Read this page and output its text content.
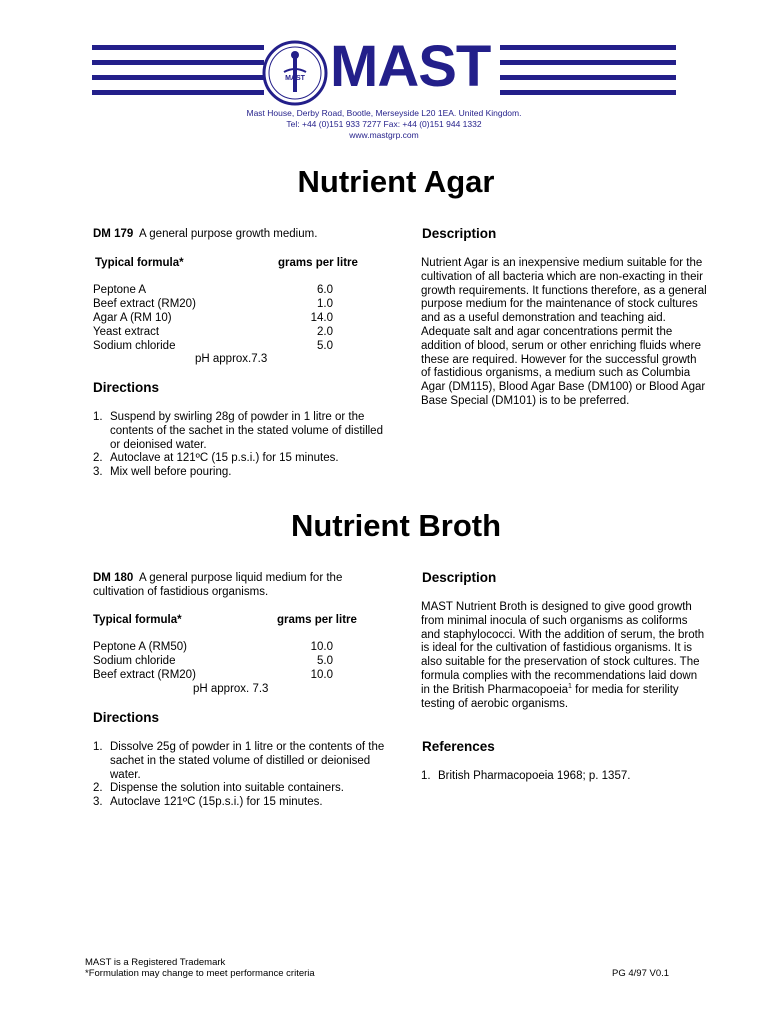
MAST MAST
Mast House, Derby Road, Bootle, Merseyside L20 1EA. United Kingdom.
Tel: +44 (0)151 933 7277 Fax: +44 (0)151 944 1332
www.mastgrp.com
Nutrient Agar
DM 179 A general purpose growth medium.
Typical formula*	grams per litre
Peptone A	6.0
Beef extract (RM20)	1.0
Agar A (RM 10)	14.0
Yeast extract	2.0
Sodium chloride	5.0
pH approx.7.3
Directions
1. Suspend by swirling 28g of powder in 1 litre or the contents of the sachet in the stated volume of distilled or deionised water.
2. Autoclave at 121ºC (15 p.s.i.) for 15 minutes.
3. Mix well before pouring.
Description
Nutrient Agar is an inexpensive medium suitable for the cultivation of all bacteria which are non-exacting in their growth requirements. It functions therefore, as a general purpose medium for the maintenance of stock cultures and as a useful demonstration and teaching aid. Adequate salt and agar concentrations permit the addition of blood, serum or other enriching fluids where these are required. However for the successful growth of fastidious organisms, a medium such as Columbia Agar (DM115), Blood Agar Base (DM100) or Blood Agar Base Special (DM101) is to be preferred.
Nutrient Broth
DM 180 A general purpose liquid medium for the cultivation of fastidious organisms.
Typical formula*	grams per litre
Peptone A (RM50)	10.0
Sodium chloride	5.0
Beef extract (RM20)	10.0
pH approx. 7.3
Directions
1. Dissolve 25g of powder in 1 litre or the contents of the sachet in the stated volume of distilled or deionised water.
2. Dispense the solution into suitable containers.
3. Autoclave 121ºC (15p.s.i.) for 15 minutes.
Description
MAST Nutrient Broth is designed to give good growth from minimal inocula of such organisms as coliforms and staphylococci. With the addition of serum, the broth is ideal for the cultivation of fastidious organisms. It is also suitable for the preservation of stock cultures. The formula complies with the recommendations laid down in the British Pharmacopoeia$^1$ for media for sterility testing of aerobic organisms.
References
1. British Pharmacopoeia 1968; p. 1357.
MAST is a Registered Trademark
*Formulation may change to meet performance criteria	PG 4/97 V0.1
